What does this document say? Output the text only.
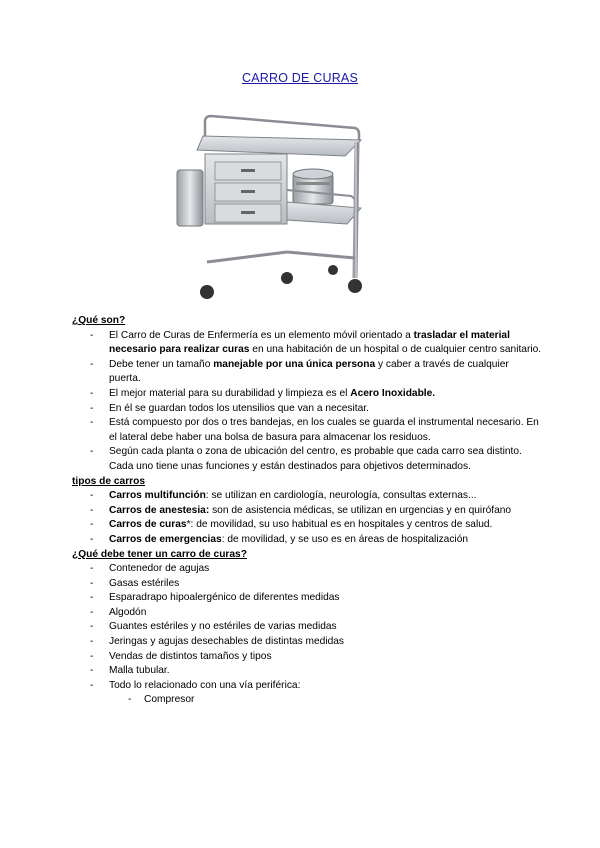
CARRO DE CURAS
¿Qué son?
- El Carro de Curas de Enfermería es un elemento móvil orientado a trasladar el material necesario para realizar curas en una habitación de un hospital o de cualquier centro sanitario.
- Debe tener un tamaño manejable por una única persona y caber a través de cualquier puerta.
- El mejor material para su durabilidad y limpieza es el Acero Inoxidable.
- En él se guardan todos los utensilios que van a necesitar.
- Está compuesto por dos o tres bandejas, en los cuales se guarda el instrumental necesario. En el lateral debe haber una bolsa de basura para almacenar los residuos.
- Según cada planta o zona de ubicación del centro, es probable que cada carro sea distinto. Cada uno tiene unas funciones y están destinados para objetivos determinados.
tipos de carros
- Carros multifunción: se utilizan en cardiología, neurología, consultas externas...
- Carros de anestesia: son de asistencia médicas, se utilizan en urgencias y en quirófano
- Carros de curas*: de movilidad, su uso habitual es en hospitales y centros de salud.
- Carros de emergencias: de movilidad, y se uso es en áreas de hospitalización
¿Qué debe tener un carro de curas?
- Contenedor de agujas
- Gasas estériles
- Esparadrapo hipoalergénico de diferentes medidas
- Algodón
- Guantes estériles y no estériles de varias medidas
- Jeringas y agujas desechables de distintas medidas
- Vendas de distintos tamaños y tipos
- Malla tubular.
- Todo lo relacionado con una vía periférica:
- Compresor
